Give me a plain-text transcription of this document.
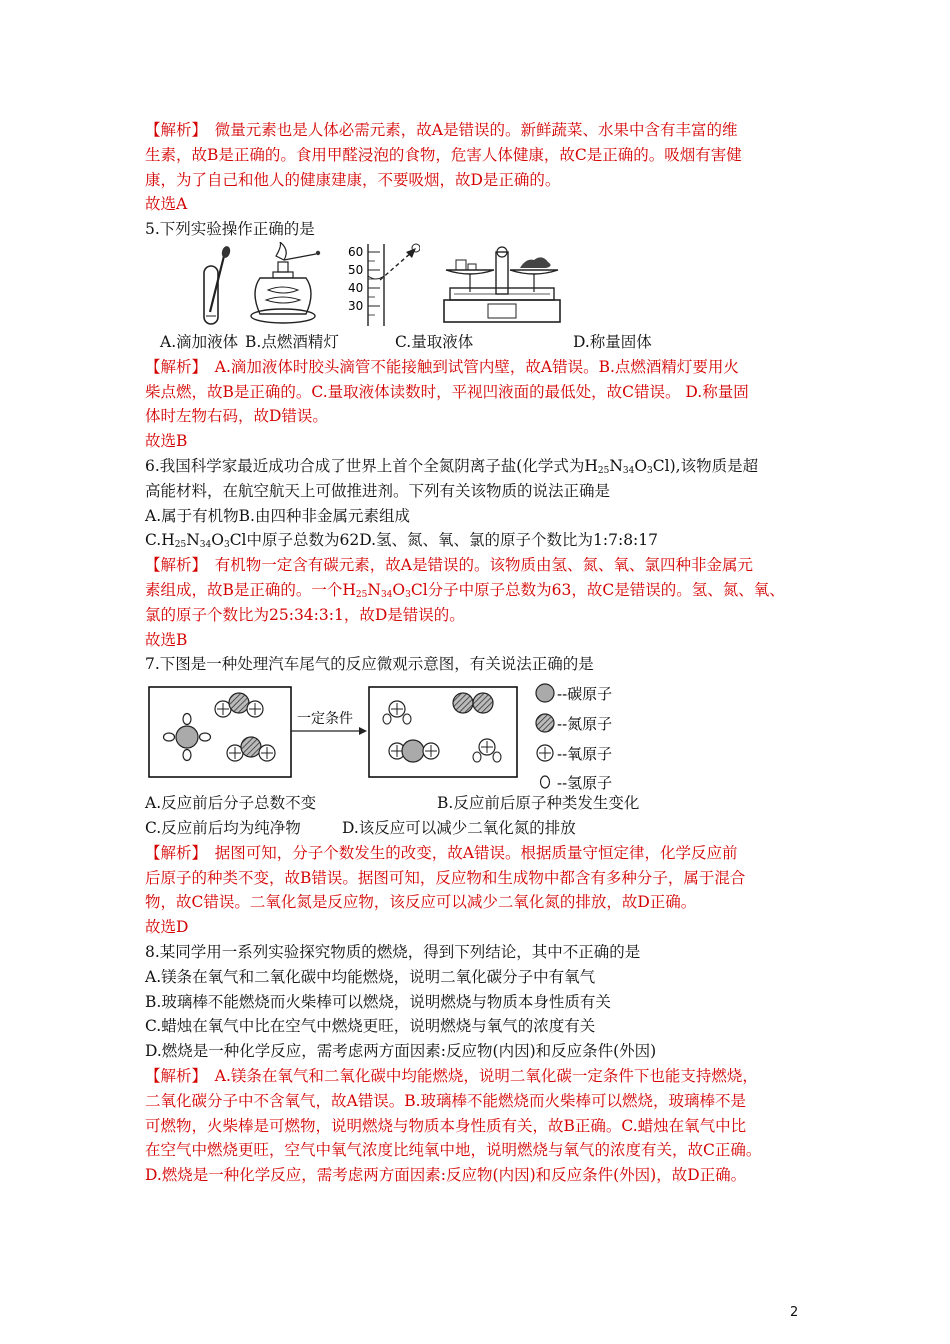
【解析】　微量元素也是人体必需元素，故A是错误的。新鲜蔬菜、水果中含有丰富的维
生素，故B是正确的。食用甲醛浸泡的食物，危害人体健康，故C是正确的。吸烟有害健
康，为了自己和他人的健康建康，不要吸烟，故D是正确的。
故选A
5.下列实验操作正确的是
60
50
40
30
A.滴加液体 B.点燃酒精灯	C.量取液体	D.称量固体
【解析】　 A.滴加液体时胶头滴管不能接触到试管内壁，故A错误。B.点燃酒精灯要用火
柴点燃，故B是正确的。C.量取液体读数时，平视凹液面的最低处，故C错误。 D.称量固
体时左物右码，故D错误。
故选B
6.我国科学家最近成功合成了世界上首个全氮阴离子盐(化学式为$H_{25}N_{34}O_3Cl$),该物质是超
高能材料，在航空航天上可做推进剂。下列有关该物质的说法正确是
A.属于有机物B.由四种非金属元素组成
$C.H_{25}N_{34}O_3Cl$中原子总数为62D.氢、氮、氧、氯的原子个数比为1:7:8:17
【解析】　 有机物一定含有碳元素，故A是错误的。该物质由氢、氮、氧、氯四种非金属元
素组成，故B是正确的。一个$H_{25}N_{34}O_3Cl$分子中原子总数为63，故C是错误的。氢、氮、氧、
氯的原子个数比为25:34:3:1，故D是错误的。
故选B
7.下图是一种处理汽车尾气的反应微观示意图，有关说法正确的是
一定条件
--碳原子
--氮原子
--氧原子
--氢原子
A.反应前后分子总数不变	B.反应前后原子种类发生变化
C.反应前后均为纯净物	D.该反应可以减少二氧化氮的排放
【解析】　据图可知，分子个数发生的改变，故A错误。根据质量守恒定律，化学反应前
后原子的种类不变，故B错误。据图可知，反应物和生成物中都含有多种分子，属于混合
物，故C错误。二氧化氮是反应物，该反应可以减少二氧化氮的排放，故D正确。
故选D
8.某同学用一系列实验探究物质的燃烧，得到下列结论，其中不正确的是
A.镁条在氧气和二氧化碳中均能燃烧，说明二氧化碳分子中有氧气
B.玻璃棒不能燃烧而火柴棒可以燃烧，说明燃烧与物质本身性质有关
C.蜡烛在氧气中比在空气中燃烧更旺，说明燃烧与氧气的浓度有关
D.燃烧是一种化学反应，需考虑两方面因素:反应物(内因)和反应条件(外因)
【解析】　 A.镁条在氧气和二氧化碳中均能燃烧，说明二氧化碳一定条件下也能支持燃烧，
二氧化碳分子中不含氧气，故A错误。B.玻璃棒不能燃烧而火柴棒可以燃烧，玻璃棒不是
可燃物，火柴棒是可燃物，说明燃烧与物质本身性质有关，故B正确。C.蜡烛在氧气中比
在空气中燃烧更旺，空气中氧气浓度比纯氧中地，说明燃烧与氧气的浓度有关，故C正确。
D.燃烧是一种化学反应，需考虑两方面因素:反应物(内因)和反应条件(外因)，故D正确。
2
